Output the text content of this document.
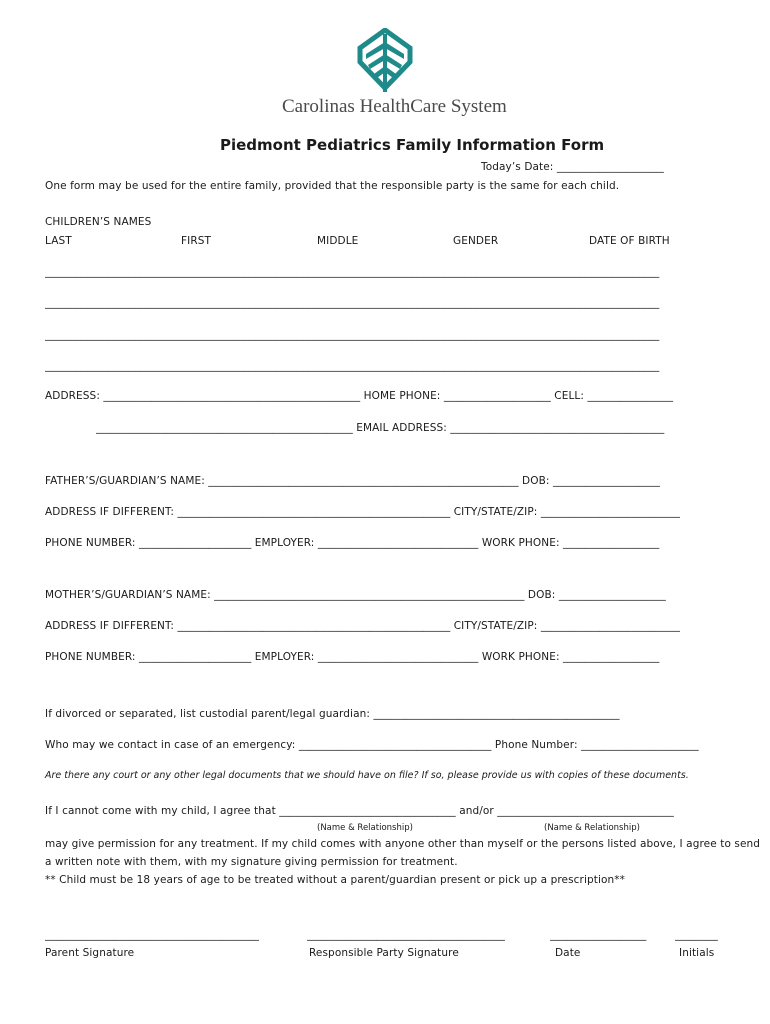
Carolinas HealthCare System
Piedmont Pediatrics Family Information Form
Today’s Date: ____________________
One form may be used for the entire family, provided that the responsible party is the same for each child.
CHILDREN’S NAMES
LAST	FIRST	MIDDLE	GENDER	DATE OF BIRTH
_____________________________________________________________________________________________________________________
_____________________________________________________________________________________________________________________
_____________________________________________________________________________________________________________________
_____________________________________________________________________________________________________________________
ADDRESS: ________________________________________________ HOME PHONE: ____________________ CELL: ________________
________________________________________________ EMAIL ADDRESS: ________________________________________
FATHER’S/GUARDIAN’S NAME: __________________________________________________________ DOB: ____________________
ADDRESS IF DIFFERENT: ___________________________________________________ CITY/STATE/ZIP: __________________________
PHONE NUMBER: _____________________ EMPLOYER: ______________________________ WORK PHONE: __________________
MOTHER’S/GUARDIAN’S NAME: __________________________________________________________ DOB: ____________________
ADDRESS IF DIFFERENT: ___________________________________________________ CITY/STATE/ZIP: __________________________
PHONE NUMBER: _____________________ EMPLOYER: ______________________________ WORK PHONE: __________________
If divorced or separated, list custodial parent/legal guardian: ______________________________________________
Who may we contact in case of an emergency: ____________________________________ Phone Number: ______________________
Are there any court or any other legal documents that we should have on file? If so, please provide us with copies of these documents.
If I cannot come with my child, I agree that _________________________________ and/or _________________________________
(Name & Relationship)	(Name & Relationship)
may give permission for any treatment. If my child comes with anyone other than myself or the persons listed above, I agree to send
a written note with them, with my signature giving permission for treatment.
** Child must be 18 years of age to be treated without a parent/guardian present or pick up a prescription**
________________________________________	_____________________________________	__________________	________
Parent Signature	Responsible Party Signature	Date	Initials
